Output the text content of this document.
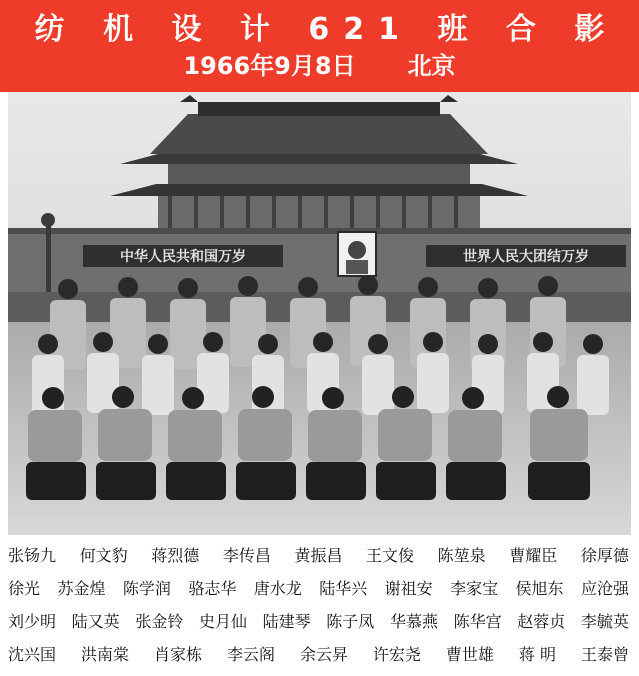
纺 机 设 计 621 班 合 影
1966年9月8日 北京
中华人民共和国万岁	世界人民大团结万岁
张钖九 何文豹 蒋烈德 李传昌 黄振昌 王文俊 陈堃泉 曹耀臣 徐厚德
徐光 苏金煌 陈学润 骆志华 唐水龙 陆华兴 谢祖安 李家宝 侯旭东 应沧强
刘少明 陆又英 张金铃 史月仙 陆建琴 陈子凤 华慕燕 陈华宫 赵蓉贞 李毓英
沈兴国 洪南棠 肖家栋 李云阁 余云昇 许宏尧 曹世雄 蒋 明 王泰曾
